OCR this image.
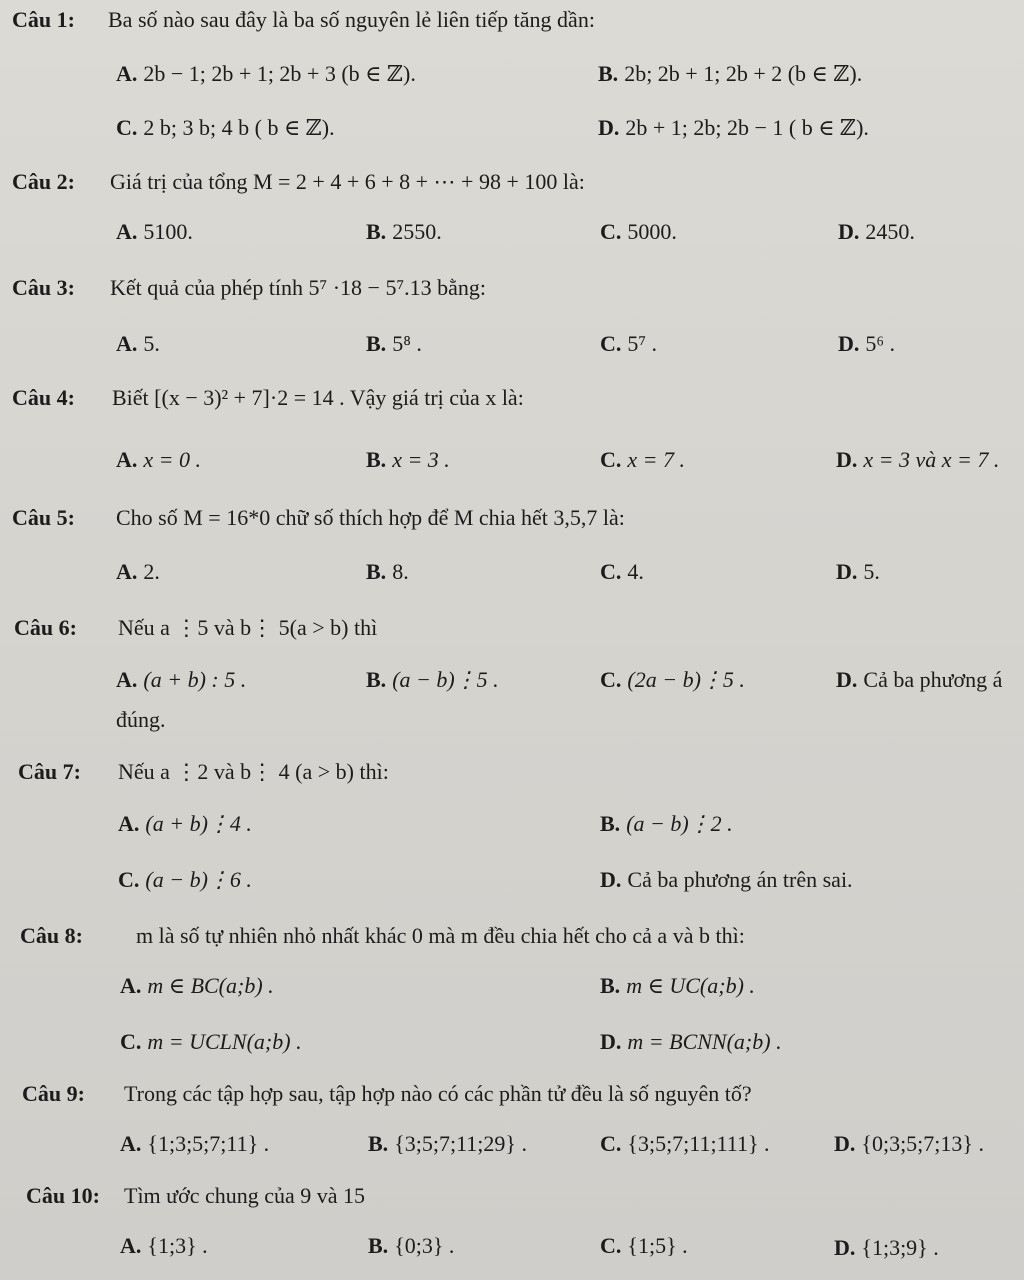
Câu 1: Ba số nào sau đây là ba số nguyên lẻ liên tiếp tăng dần:
A. 2b − 1; 2b + 1; 2b + 3 (b ∈ ℤ).	B. 2b; 2b + 1; 2b + 2 (b ∈ ℤ).
C. 2 b; 3 b; 4 b ( b ∈ ℤ).	D. 2b + 1; 2b; 2b − 1 ( b ∈ ℤ).
Câu 2: Giá trị của tổng M = 2 + 4 + 6 + 8 + ⋯ + 98 + 100 là:
A. 5100.	B. 2550.	C. 5000.	D. 2450.
Câu 3: Kết quả của phép tính 5⁷ ·18 − 5⁷.13 bằng:
A. 5.	B. 5⁸ .	C. 5⁷ .	D. 5⁶ .
Câu 4: Biết [(x − 3)² + 7]·2 = 14 . Vậy giá trị của x là:
A. x = 0 .	B. x = 3 .	C. x = 7 .	D. x = 3 và x = 7 .
Câu 5: Cho số M = 16*0 chữ số thích hợp để M chia hết 3,5,7 là:
A. 2.	B. 8.	C. 4.	D. 5.
Câu 6: Nếu a ⋮5 và b⋮ 5(a > b) thì
A. (a + b) : 5 .	B. (a − b)⋮5 .	C. (2a − b)⋮5 .	D. Cả ba phương á
đúng.
Câu 7: Nếu a ⋮2 và b⋮ 4 (a > b) thì:
A. (a + b)⋮4 .	B. (a − b)⋮2 .
C. (a − b)⋮6 .	D. Cả ba phương án trên sai.
Câu 8: m là số tự nhiên nhỏ nhất khác 0 mà m đều chia hết cho cả a và b thì:
A. m ∈ BC(a;b) .	B. m ∈ UC(a;b) .
C. m = UCLN(a;b) .	D. m = BCNN(a;b) .
Câu 9: Trong các tập hợp sau, tập hợp nào có các phần tử đều là số nguyên tố?
A. {1;3;5;7;11} .	B. {3;5;7;11;29} .	C. {3;5;7;11;111} .	D. {0;3;5;7;13} .
Câu 10: Tìm ước chung của 9 và 15
A. {1;3} .	B. {0;3} .	C. {1;5} .	D. {1;3;9} .
